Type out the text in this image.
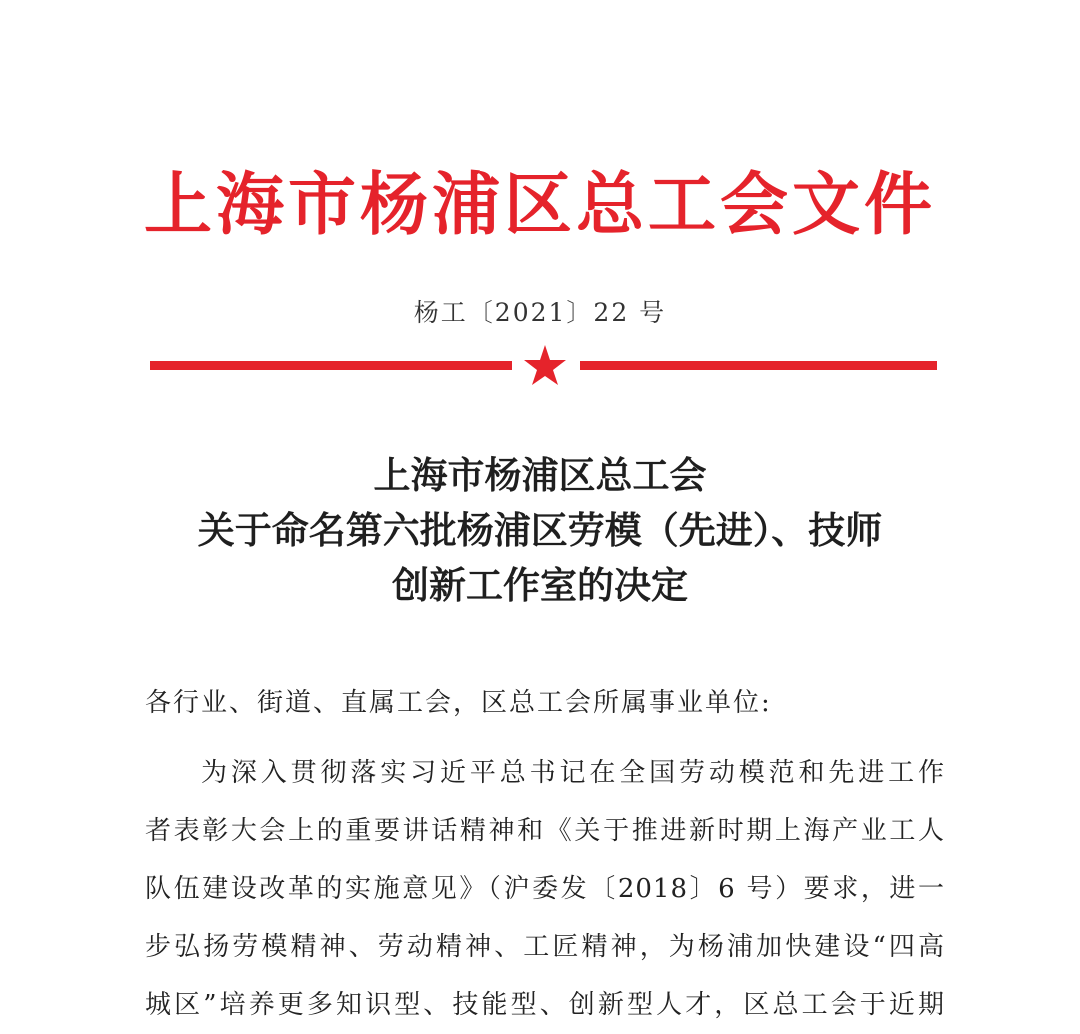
上海市杨浦区总工会文件
杨工〔2021〕22 号
上海市杨浦区总工会
关于命名第六批杨浦区劳模（先进）、技师
创新工作室的决定
各行业、街道、直属工会，区总工会所属事业单位:
为深入贯彻落实习近平总书记在全国劳动模范和先进工作
者表彰大会上的重要讲话精神和《关于推进新时期上海产业工人
队伍建设改革的实施意见》（沪委发〔2018〕6 号）要求，进一
步弘扬劳模精神、劳动精神、工匠精神，为杨浦加快建设“四高
城区”培养更多知识型、技能型、创新型人才，区总工会于近期
